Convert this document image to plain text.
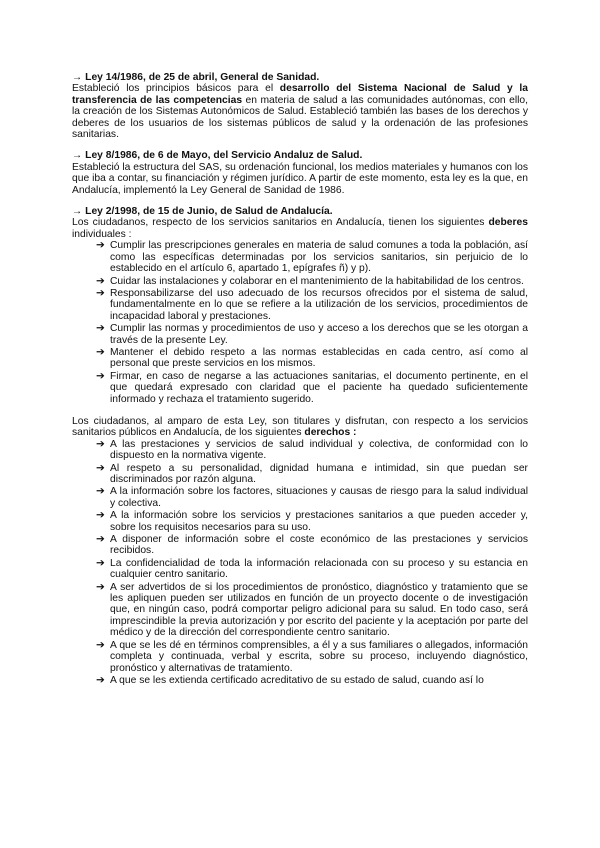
→ Ley 14/1986, de 25 de abril, General de Sanidad.

Estableció los principios básicos para el desarrollo del Sistema Nacional de Salud y la transferencia de las competencias en materia de salud a las comunidades autónomas, con ello, la creación de los Sistemas Autonómicos de Salud. Estableció también las bases de los derechos y deberes de los usuarios de los sistemas públicos de salud y la ordenación de las profesiones sanitarias.

→ Ley 8/1986, de 6 de Mayo, del Servicio Andaluz de Salud.

Estableció la estructura del SAS, su ordenación funcional, los medios materiales y humanos con los que iba a contar, su financiación y régimen jurídico. A partir de este momento, esta ley es la que, en Andalucía, implementó la Ley General de Sanidad de 1986.

→ Ley 2/1998, de 15 de Junio, de Salud de Andalucía.

Los ciudadanos, respecto de los servicios sanitarios en Andalucía, tienen los siguientes deberes individuales :

➔ Cumplir las prescripciones generales en materia de salud comunes a toda la población, así como las específicas determinadas por los servicios sanitarios, sin perjuicio de lo establecido en el artículo 6, apartado 1, epígrafes ñ) y p).
➔ Cuidar las instalaciones y colaborar en el mantenimiento de la habitabilidad de los centros.
➔ Responsabilizarse del uso adecuado de los recursos ofrecidos por el sistema de salud, fundamentalmente en lo que se refiere a la utilización de los servicios, procedimientos de incapacidad laboral y prestaciones.
➔ Cumplir las normas y procedimientos de uso y acceso a los derechos que se les otorgan a través de la presente Ley.
➔ Mantener el debido respeto a las normas establecidas en cada centro, así como al personal que preste servicios en los mismos.
➔ Firmar, en caso de negarse a las actuaciones sanitarias, el documento pertinente, en el que quedará expresado con claridad que el paciente ha quedado suficientemente informado y rechaza el tratamiento sugerido.

Los ciudadanos, al amparo de esta Ley, son titulares y disfrutan, con respecto a los servicios sanitarios públicos en Andalucía, de los siguientes derechos :

➔ A las prestaciones y servicios de salud individual y colectiva, de conformidad con lo dispuesto en la normativa vigente.
➔ Al respeto a su personalidad, dignidad humana e intimidad, sin que puedan ser discriminados por razón alguna.
➔ A la información sobre los factores, situaciones y causas de riesgo para la salud individual y colectiva.
➔ A la información sobre los servicios y prestaciones sanitarios a que pueden acceder y, sobre los requisitos necesarios para su uso.
➔ A disponer de información sobre el coste económico de las prestaciones y servicios recibidos.
➔ La confidencialidad de toda la información relacionada con su proceso y su estancia en cualquier centro sanitario.
➔ A ser advertidos de si los procedimientos de pronóstico, diagnóstico y tratamiento que se les apliquen pueden ser utilizados en función de un proyecto docente o de investigación que, en ningún caso, podrá comportar peligro adicional para su salud. En todo caso, será imprescindible la previa autorización y por escrito del paciente y la aceptación por parte del médico y de la dirección del correspondiente centro sanitario.
➔ A que se les dé en términos comprensibles, a él y a sus familiares o allegados, información completa y continuada, verbal y escrita, sobre su proceso, incluyendo diagnóstico, pronóstico y alternativas de tratamiento.
➔ A que se les extienda certificado acreditativo de su estado de salud, cuando así lo
